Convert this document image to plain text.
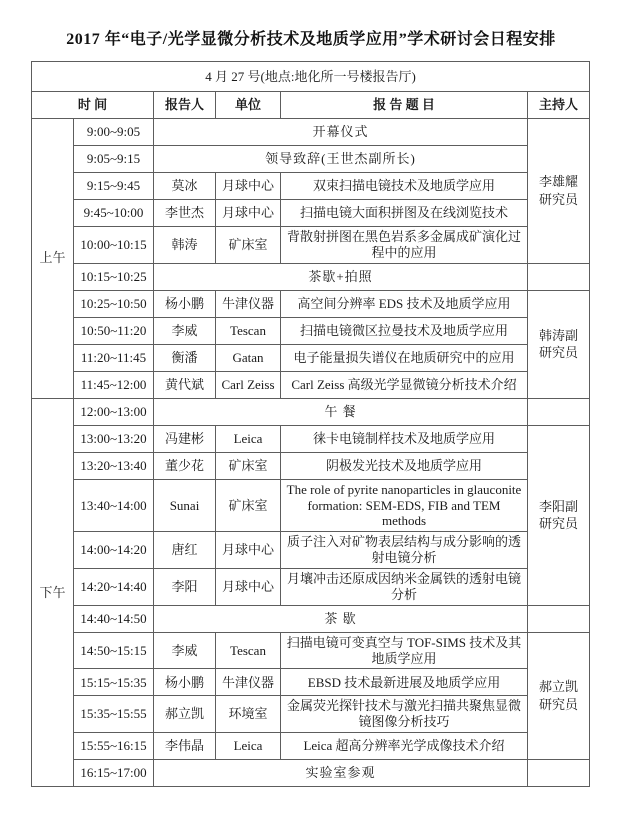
2017 年“电子/光学显微分析技术及地质学应用”学术研讨会日程安排
4 月 27 号(地点:地化所一号楼报告厅)					
时 间		报告人	单位	报 告 题 目	主持人
上午	9:00~9:05	开幕仪式			李雄耀
研究员

	9:05~9:15	领导致辞(王世杰副所长)			
	9:15~9:45	莫冰	月球中心	双束扫描电镜技术及地质学应用	
	9:45~10:00	李世杰	月球中心	扫描电镜大面积拼图及在线浏览技术	
	10:00~10:15	韩涛	矿床室	背散射拼图在黑色岩系多金属成矿演化过程中的应用	
	10:15~10:25	茶歇+拍照			
	10:25~10:50	杨小鹏	牛津仪器	高空间分辨率 EDS 技术及地质学应用	韩涛副
研究员

	10:50~11:20	李威	Tescan	扫描电镜微区拉曼技术及地质学应用	
	11:20~11:45	衡潘	Gatan	电子能量损失谱仪在地质研究中的应用	
	11:45~12:00	黄代斌	Carl Zeiss	Carl Zeiss 高级光学显微镜分析技术介绍	
下午	12:00~13:00	午 餐			
	13:00~13:20	冯建彬	Leica	徕卡电镜制样技术及地质学应用	李阳副
研究员

	13:20~13:40	董少花	矿床室	阴极发光技术及地质学应用	
	13:40~14:00	Sunai	矿床室	The role of pyrite nanoparticles in glauconite formation: SEM-EDS, FIB and TEM methods	
	14:00~14:20	唐红	月球中心	质子注入对矿物表层结构与成分影响的透射电镜分析	
	14:20~14:40	李阳	月球中心	月壤冲击还原成因纳米金属铁的透射电镜分析	
	14:40~14:50	茶 歇			
	14:50~15:15	李威	Tescan	扫描电镜可变真空与 TOF-SIMS 技术及其地质学应用	郝立凯
研究员

	15:15~15:35	杨小鹏	牛津仪器	EBSD 技术最新进展及地质学应用	
	15:35~15:55	郝立凯	环境室	金属荧光探针技术与激光扫描共聚焦显微镜图像分析技巧	
	15:55~16:15	李伟晶	Leica	Leica 超高分辨率光学成像技术介绍	
	16:15~17:00	实验室参观			
